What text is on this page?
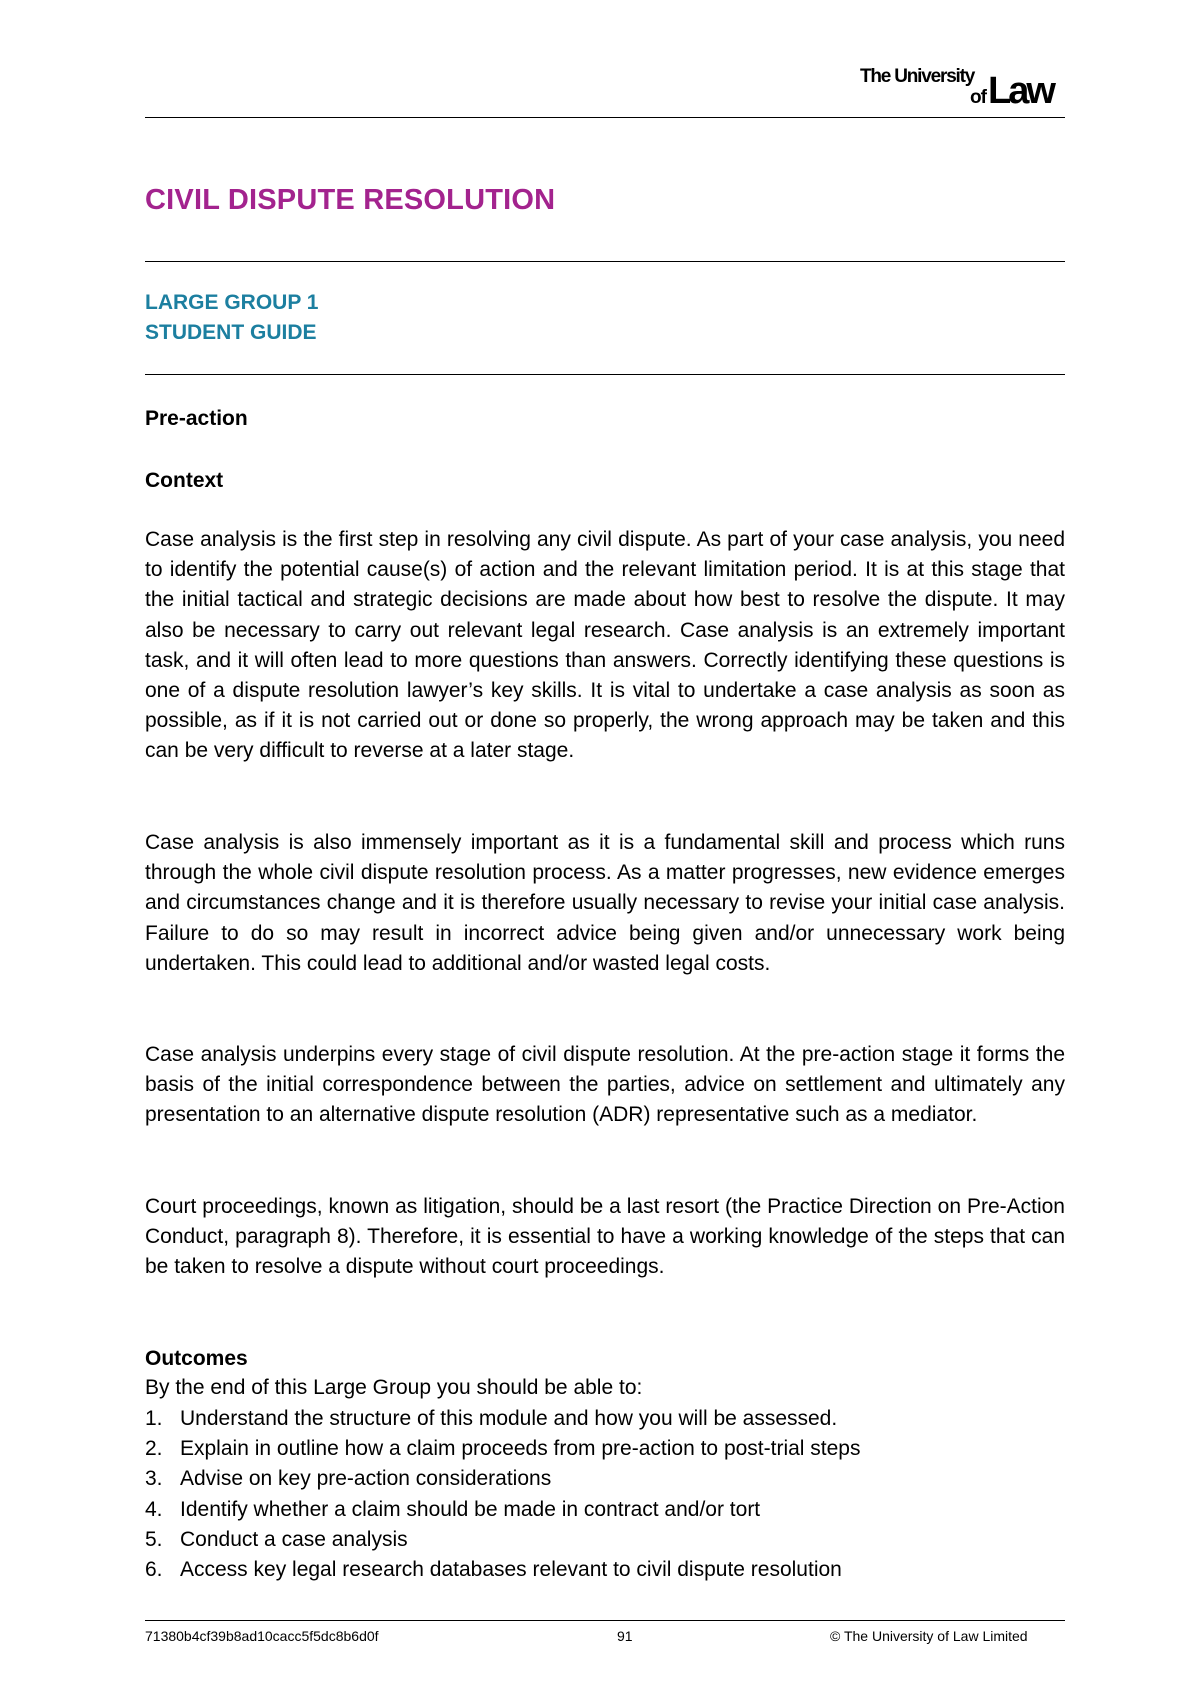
The University
of Law
CIVIL DISPUTE RESOLUTION
LARGE GROUP 1
STUDENT GUIDE
Pre-action
Context
Case analysis is the first step in resolving any civil dispute. As part of your case analysis, you need to identify the potential cause(s) of action and the relevant limitation period. It is at this stage that the initial tactical and strategic decisions are made about how best to resolve the dispute. It may also be necessary to carry out relevant legal research. Case analysis is an extremely important task, and it will often lead to more questions than answers. Correctly identifying these questions is one of a dispute resolution lawyer’s key skills. It is vital to undertake a case analysis as soon as possible, as if it is not carried out or done so properly, the wrong approach may be taken and this can be very difficult to reverse at a later stage.
Case analysis is also immensely important as it is a fundamental skill and process which runs through the whole civil dispute resolution process. As a matter progresses, new evidence emerges and circumstances change and it is therefore usually necessary to revise your initial case analysis. Failure to do so may result in incorrect advice being given and/or unnecessary work being undertaken. This could lead to additional and/or wasted legal costs.
Case analysis underpins every stage of civil dispute resolution. At the pre-action stage it forms the basis of the initial correspondence between the parties, advice on settlement and ultimately any presentation to an alternative dispute resolution (ADR) representative such as a mediator.
Court proceedings, known as litigation, should be a last resort (the Practice Direction on Pre-Action Conduct, paragraph 8). Therefore, it is essential to have a working knowledge of the steps that can be taken to resolve a dispute without court proceedings.
Outcomes
By the end of this Large Group you should be able to:
1. Understand the structure of this module and how you will be assessed.
2. Explain in outline how a claim proceeds from pre-action to post-trial steps
3. Advise on key pre-action considerations
4. Identify whether a claim should be made in contract and/or tort
5. Conduct a case analysis
6. Access key legal research databases relevant to civil dispute resolution
71380b4cf39b8ad10cacc5f5dc8b6d0f	91	© The University of Law Limited
